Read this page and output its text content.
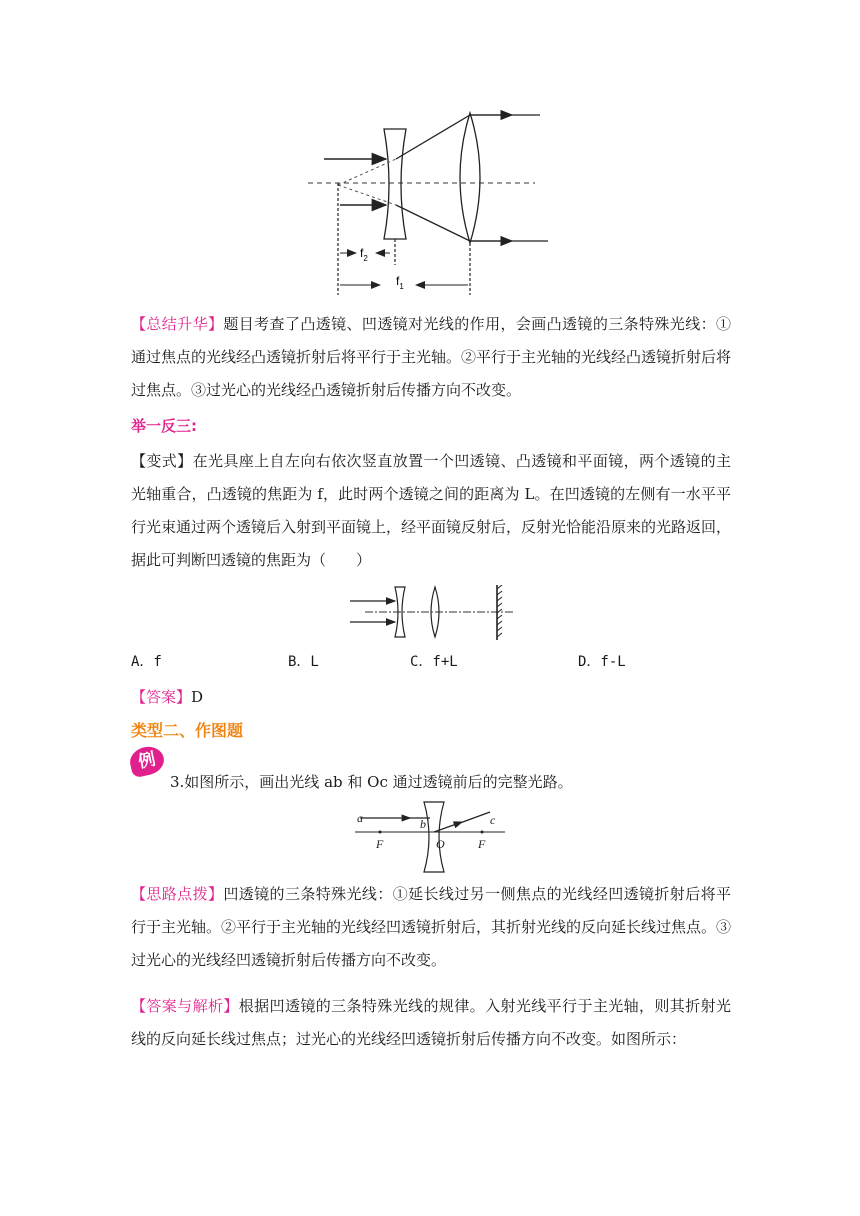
$f_2$
$f_1$
【总结升华】题目考查了凸透镜、凹透镜对光线的作用，会画凸透镜的三条特殊光线：①通过焦点的光线经凸透镜折射后将平行于主光轴。②平行于主光轴的光线经凸透镜折射后将过焦点。③过光心的光线经凸透镜折射后传播方向不改变。
举一反三:
【变式】在光具座上自左向右依次竖直放置一个凹透镜、凸透镜和平面镜，两个透镜的主光轴重合，凸透镜的焦距为 f，此时两个透镜之间的距离为 L。在凹透镜的左侧有一水平平行光束通过两个透镜后入射到平面镜上，经平面镜反射后，反射光恰能沿原来的光路返回，据此可判断凹透镜的焦距为（　　）
A．f	B．L	C．f+L	D．f-L
【答案】D
类型二、作图题
例
3.如图所示，画出光线 ab 和 Oc 通过透镜前后的完整光路。
a	b	c
F	O	F
【思路点拨】凹透镜的三条特殊光线：①延长线过另一侧焦点的光线经凹透镜折射后将平行于主光轴。②平行于主光轴的光线经凹透镜折射后，其折射光线的反向延长线过焦点。③过光心的光线经凹透镜折射后传播方向不改变。
【答案与解析】根据凹透镜的三条特殊光线的规律。入射光线平行于主光轴，则其折射光线的反向延长线过焦点；过光心的光线经凹透镜折射后传播方向不改变。如图所示：
